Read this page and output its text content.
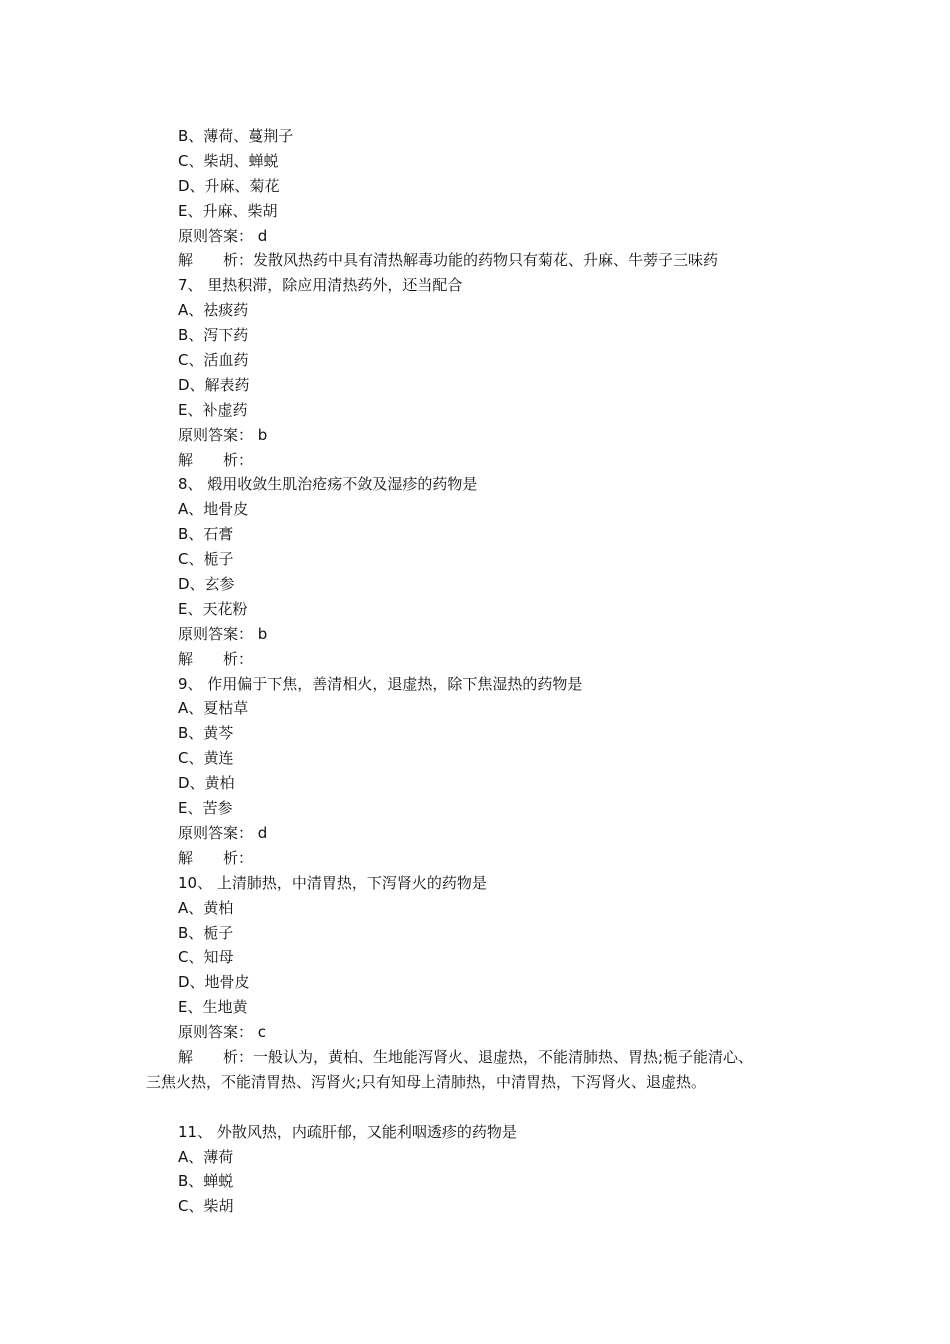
B、薄荷、蔓荆子
C、柴胡、蝉蜕
D、升麻、菊花
E、升麻、柴胡
原则答案： d
解　　析：发散风热药中具有清热解毒功能的药物只有菊花、升麻、牛蒡子三味药
7、 里热积滞，除应用清热药外，还当配合
A、祛痰药
B、泻下药
C、活血药
D、解表药
E、补虚药
原则答案： b
解　　析：
8、 煅用收敛生肌治疮疡不敛及湿疹的药物是
A、地骨皮
B、石膏
C、栀子
D、玄参
E、天花粉
原则答案： b
解　　析：
9、 作用偏于下焦，善清相火，退虚热，除下焦湿热的药物是
A、夏枯草
B、黄芩
C、黄连
D、黄柏
E、苦参
原则答案： d
解　　析：
10、 上清肺热，中清胃热，下泻肾火的药物是
A、黄柏
B、栀子
C、知母
D、地骨皮
E、生地黄
原则答案： c
解　　析：一般认为，黄柏、生地能泻肾火、退虚热，不能清肺热、胃热;栀子能清心、
三焦火热，不能清胃热、泻肾火;只有知母上清肺热，中清胃热，下泻肾火、退虚热。
11、 外散风热，内疏肝郁，又能利咽透疹的药物是
A、薄荷
B、蝉蜕
C、柴胡
